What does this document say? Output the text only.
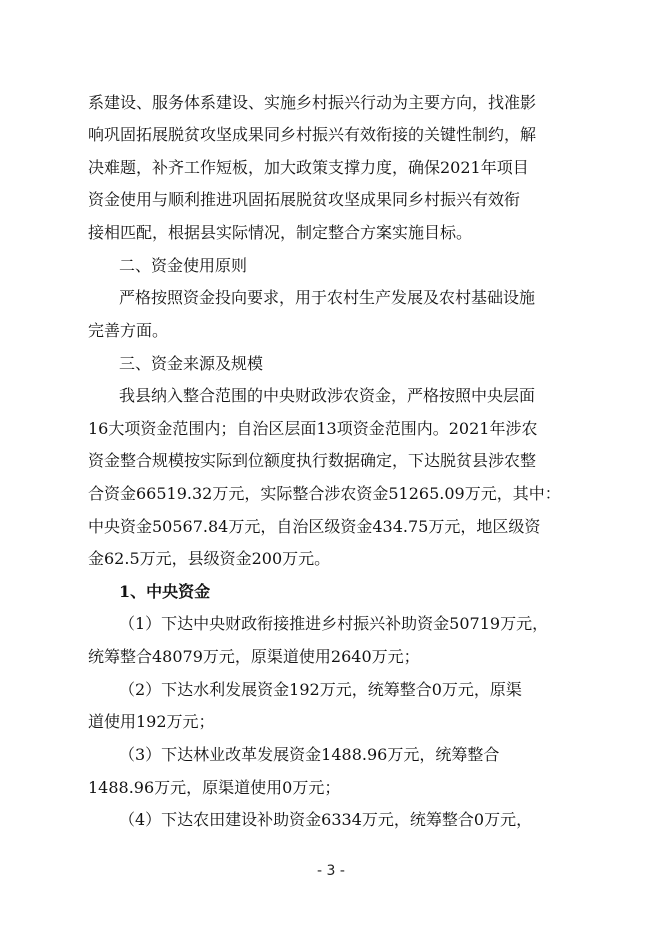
系建设、服务体系建设、实施乡村振兴行动为主要方向，找准影
响巩固拓展脱贫攻坚成果同乡村振兴有效衔接的关键性制约，解
决难题，补齐工作短板，加大政策支撑力度，确保2021年项目
资金使用与顺利推进巩固拓展脱贫攻坚成果同乡村振兴有效衔
接相匹配，根据县实际情况，制定整合方案实施目标。
二、资金使用原则
严格按照资金投向要求，用于农村生产发展及农村基础设施
完善方面。
三、资金来源及规模
我县纳入整合范围的中央财政涉农资金，严格按照中央层面
16大项资金范围内；自治区层面13项资金范围内。2021年涉农
资金整合规模按实际到位额度执行数据确定，下达脱贫县涉农整
合资金66519.32万元，实际整合涉农资金51265.09万元，其中：
中央资金50567.84万元，自治区级资金434.75万元，地区级资
金62.5万元，县级资金200万元。
1、中央资金
（1）下达中央财政衔接推进乡村振兴补助资金50719万元，
统筹整合48079万元，原渠道使用2640万元；
（2）下达水利发展资金192万元，统筹整合0万元，原渠
道使用192万元；
（3）下达林业改革发展资金1488.96万元，统筹整合
1488.96万元，原渠道使用0万元；
（4）下达农田建设补助资金6334万元，统筹整合0万元，
- 3 -
